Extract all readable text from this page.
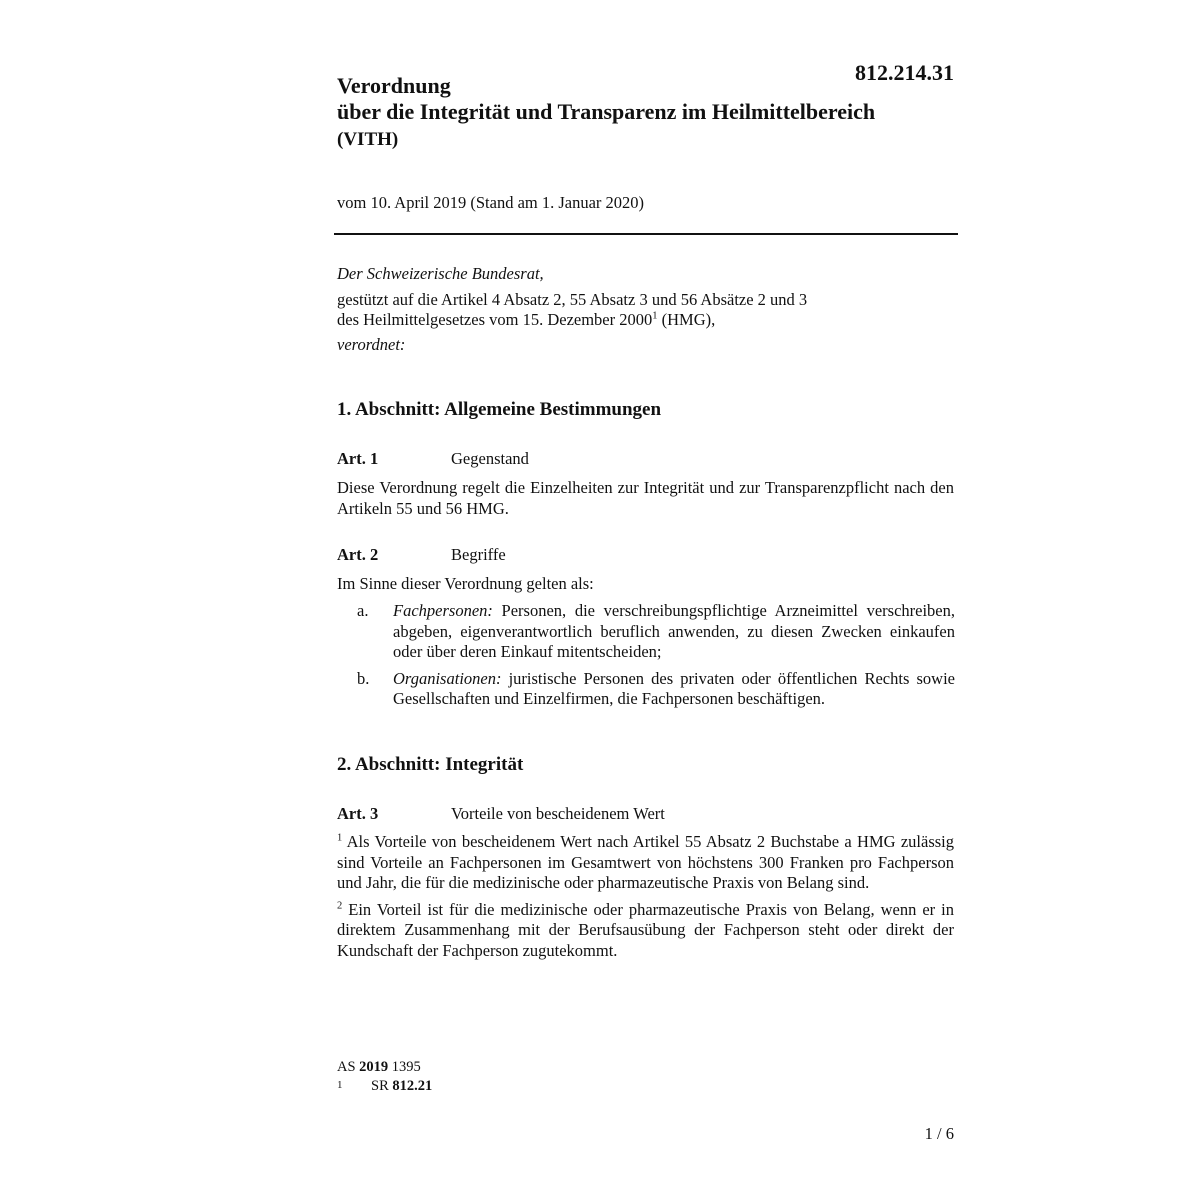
812.214.31
Verordnung
über die Integrität und Transparenz im Heilmittelbereich
(VITH)
vom 10. April 2019 (Stand am 1. Januar 2020)

Der Schweizerische Bundesrat,

gestützt auf die Artikel 4 Absatz 2, 55 Absatz 3 und 56 Absätze 2 und 3
des Heilmittelgesetzes vom 15. Dezember 2000$^1$ (HMG),

verordnet:

1. Abschnitt: Allgemeine Bestimmungen
Art. 1	Gegenstand

Diese Verordnung regelt die Einzelheiten zur Integrität und zur Transparenzpflicht nach den Artikeln 55 und 56 HMG.

Art. 2	Begriffe
Im Sinne dieser Verordnung gelten als:
a.	Fachpersonen: Personen, die verschreibungspflichtige Arzneimittel verschreiben, abgeben, eigenverantwortlich beruflich anwenden, zu diesen Zwecken einkaufen oder über deren Einkauf mitentscheiden;
b.	Organisationen: juristische Personen des privaten oder öffentlichen Rechts sowie Gesellschaften und Einzelfirmen, die Fachpersonen beschäftigen.
2. Abschnitt: Integrität
Art. 3	Vorteile von bescheidenem Wert

$^1$ Als Vorteile von bescheidenem Wert nach Artikel 55 Absatz 2 Buchstabe a HMG zulässig sind Vorteile an Fachpersonen im Gesamtwert von höchstens 300 Franken pro Fachperson und Jahr, die für die medizinische oder pharmazeutische Praxis von Belang sind.

$^2$ Ein Vorteil ist für die medizinische oder pharmazeutische Praxis von Belang, wenn er in direktem Zusammenhang mit der Berufsausübung der Fachperson steht oder direkt der Kundschaft der Fachperson zugutekommt.

AS 2019 1395

1 SR 812.21

1 / 6
